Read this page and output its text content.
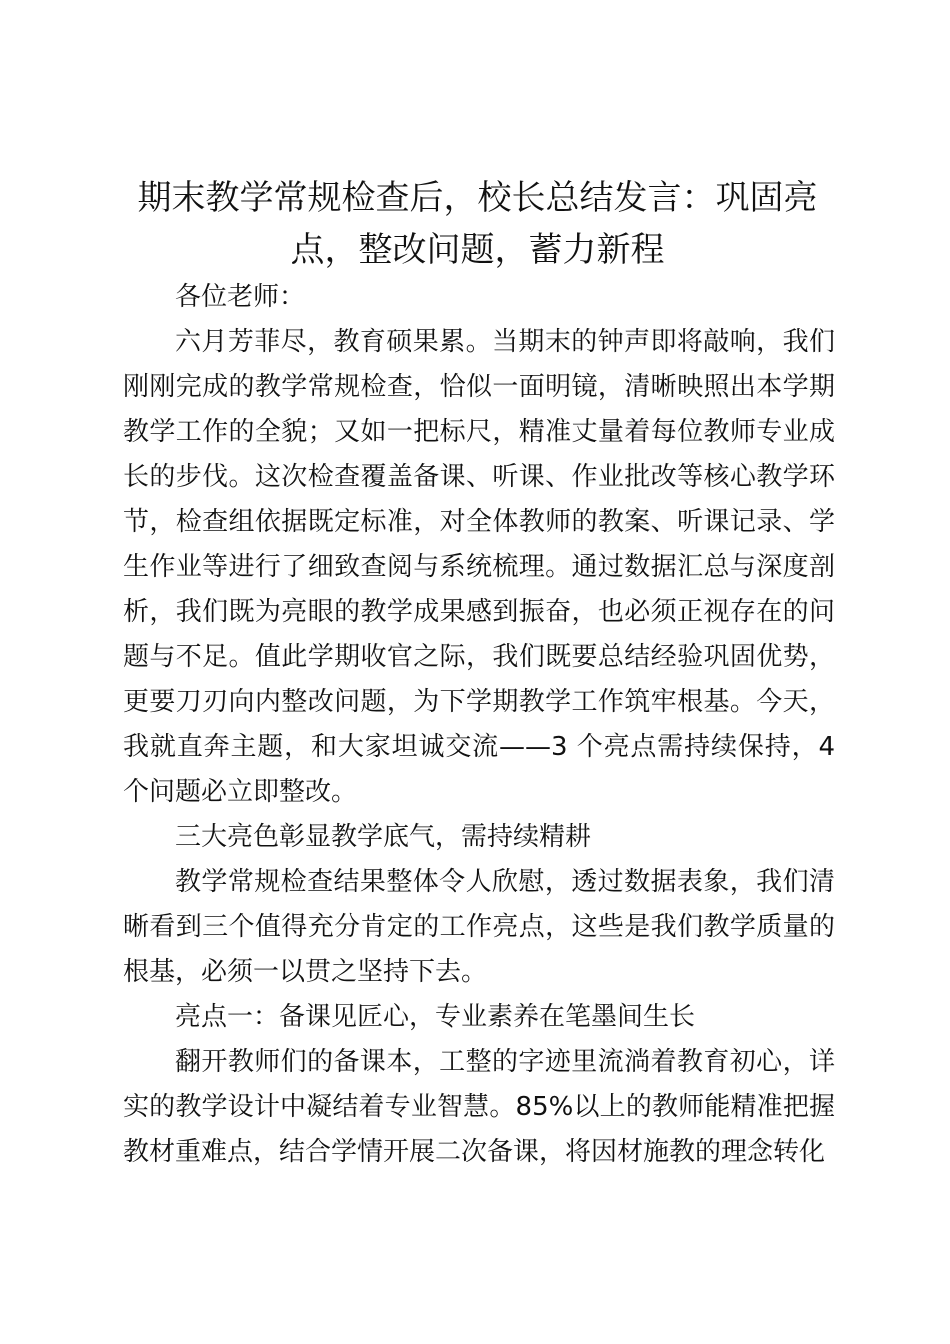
期末教学常规检查后，校长总结发言：巩固亮点，整改问题，蓄力新程

各位老师：

六月芳菲尽，教育硕果累。当期末的钟声即将敲响，我们刚刚完成的教学常规检查，恰似一面明镜，清晰映照出本学期教学工作的全貌；又如一把标尺，精准丈量着每位教师专业成长的步伐。这次检查覆盖备课、听课、作业批改等核心教学环节，检查组依据既定标准，对全体教师的教案、听课记录、学生作业等进行了细致查阅与系统梳理。通过数据汇总与深度剖析，我们既为亮眼的教学成果感到振奋，也必须正视存在的问题与不足。值此学期收官之际，我们既要总结经验巩固优势，更要刀刃向内整改问题，为下学期教学工作筑牢根基。今天，我就直奔主题，和大家坦诚交流——3 个亮点需持续保持，4 个问题必立即整改。

三大亮色彰显教学底气，需持续精耕

教学常规检查结果整体令人欣慰，透过数据表象，我们清晰看到三个值得充分肯定的工作亮点，这些是我们教学质量的根基，必须一以贯之坚持下去。

亮点一：备课见匠心，专业素养在笔墨间生长

翻开教师们的备课本，工整的字迹里流淌着教育初心，详实的教学设计中凝结着专业智慧。85%以上的教师能精准把握教材重难点，结合学情开展二次备课，将因材施教的理念转化
